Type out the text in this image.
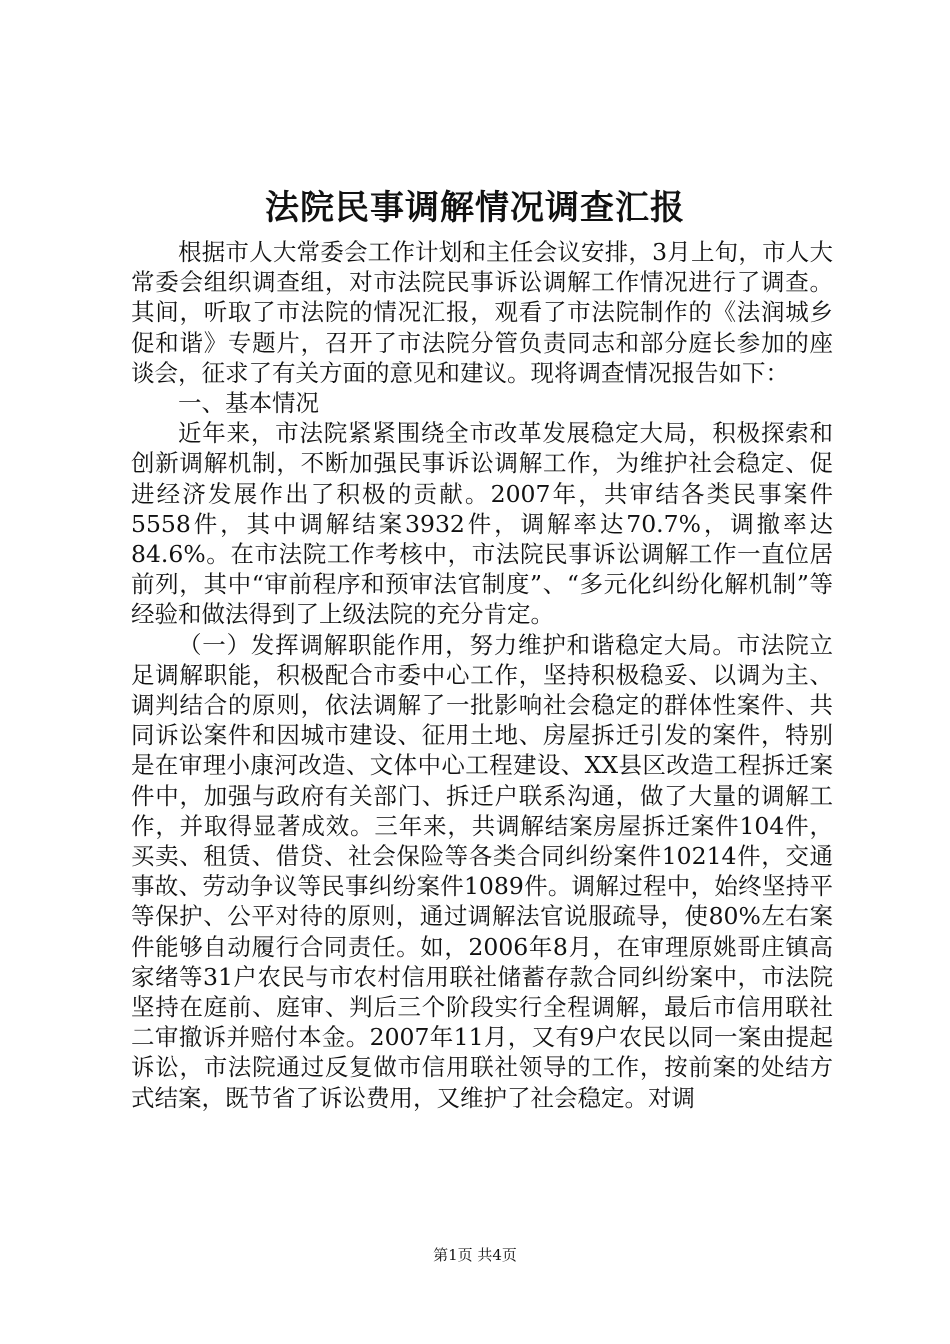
法院民事调解情况调查汇报

根据市人大常委会工作计划和主任会议安排，3月上旬，市人大常委会组织调查组，对市法院民事诉讼调解工作情况进行了调查。其间，听取了市法院的情况汇报，观看了市法院制作的《法润城乡促和谐》专题片，召开了市法院分管负责同志和部分庭长参加的座谈会，征求了有关方面的意见和建议。现将调查情况报告如下：

一、基本情况

近年来，市法院紧紧围绕全市改革发展稳定大局，积极探索和创新调解机制，不断加强民事诉讼调解工作，为维护社会稳定、促进经济发展作出了积极的贡献。2007年，共审结各类民事案件5558件，其中调解结案3932件，调解率达70.7%，调撤率达84.6%。在市法院工作考核中，市法院民事诉讼调解工作一直位居前列，其中“审前程序和预审法官制度”、“多元化纠纷化解机制”等经验和做法得到了上级法院的充分肯定。

（一）发挥调解职能作用，努力维护和谐稳定大局。市法院立足调解职能，积极配合市委中心工作，坚持积极稳妥、以调为主、调判结合的原则，依法调解了一批影响社会稳定的群体性案件、共同诉讼案件和因城市建设、征用土地、房屋拆迁引发的案件，特别是在审理小康河改造、文体中心工程建设、XX县区改造工程拆迁案件中，加强与政府有关部门、拆迁户联系沟通，做了大量的调解工作，并取得显著成效。三年来，共调解结案房屋拆迁案件104件，买卖、租赁、借贷、社会保险等各类合同纠纷案件10214件，交通事故、劳动争议等民事纠纷案件1089件。调解过程中，始终坚持平等保护、公平对待的原则，通过调解法官说服疏导，使80%左右案件能够自动履行合同责任。如，2006年8月，在审理原姚哥庄镇高家绪等31户农民与市农村信用联社储蓄存款合同纠纷案中，市法院坚持在庭前、庭审、判后三个阶段实行全程调解，最后市信用联社二审撤诉并赔付本金。2007年11月，又有9户农民以同一案由提起诉讼，市法院通过反复做市信用联社领导的工作，按前案的处结方式结案，既节省了诉讼费用，又维护了社会稳定。对调

第1页 共4页
